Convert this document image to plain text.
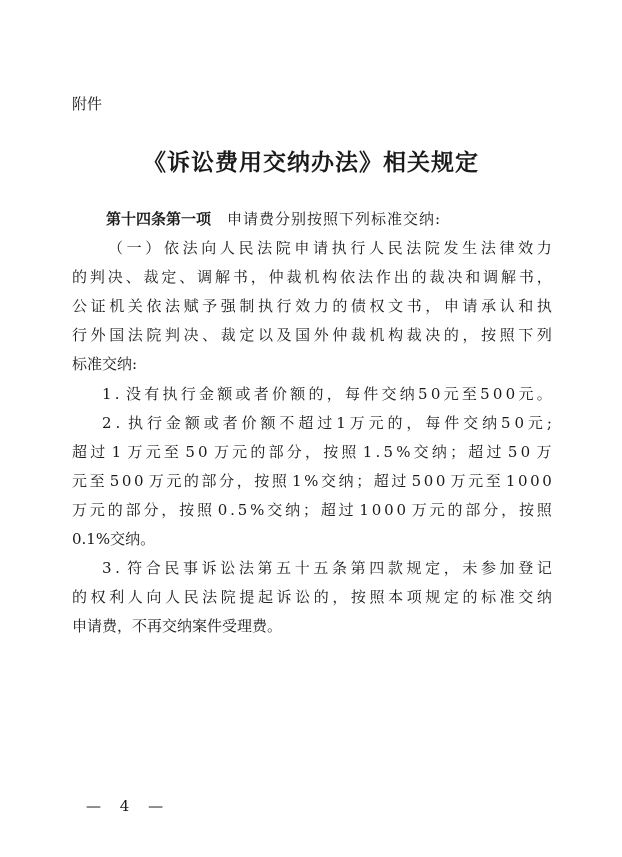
附件
《诉讼费用交纳办法》相关规定
第十四条第一项 申请费分别按照下列标准交纳:
（ 一 ） 依 法 向 人 民 法 院 申 请 执 行 人 民 法 院 发 生 法 律 效 力
的 判 决 、 裁 定 、 调 解 书 ， 仲 裁 机 构 依 法 作 出 的 裁 决 和 调 解 书 ，
公 证 机 关 依 法 赋 予 强 制 执 行 效 力 的 债 权 文 书 ， 申 请 承 认 和 执
行 外 国 法 院 判 决 、 裁 定 以 及 国 外 仲 裁 机 构 裁 决 的 ， 按 照 下 列
标准交纳:
1 . 没 有 执 行 金 额 或 者 价 额 的 ， 每 件 交 纳 5 0 元 至 5 0 0 元 。
2 . 执 行 金 额 或 者 价 额 不 超 过 1 万 元 的 ， 每 件 交 纳 5 0 元 ;
超 过 1 万 元 至 5 0 万 元 的 部 分 ， 按 照 1 . 5 % 交 纳 ； 超 过 5 0 万
元 至 5 0 0 万 元 的 部 分 ， 按 照 1 % 交 纳 ； 超 过 5 0 0 万 元 至 1 0 0 0
万 元 的 部 分 ， 按 照 0 . 5 % 交 纳 ； 超 过 1 0 0 0 万 元 的 部 分 ， 按 照
0.1%交纳。
3 . 符 合 民 事 诉 讼 法 第 五 十 五 条 第 四 款 规 定 ， 未 参 加 登 记
的 权 利 人 向 人 民 法 院 提 起 诉 讼 的 ， 按 照 本 项 规 定 的 标 准 交 纳
申请费，不再交纳案件受理费。
— 4 —
